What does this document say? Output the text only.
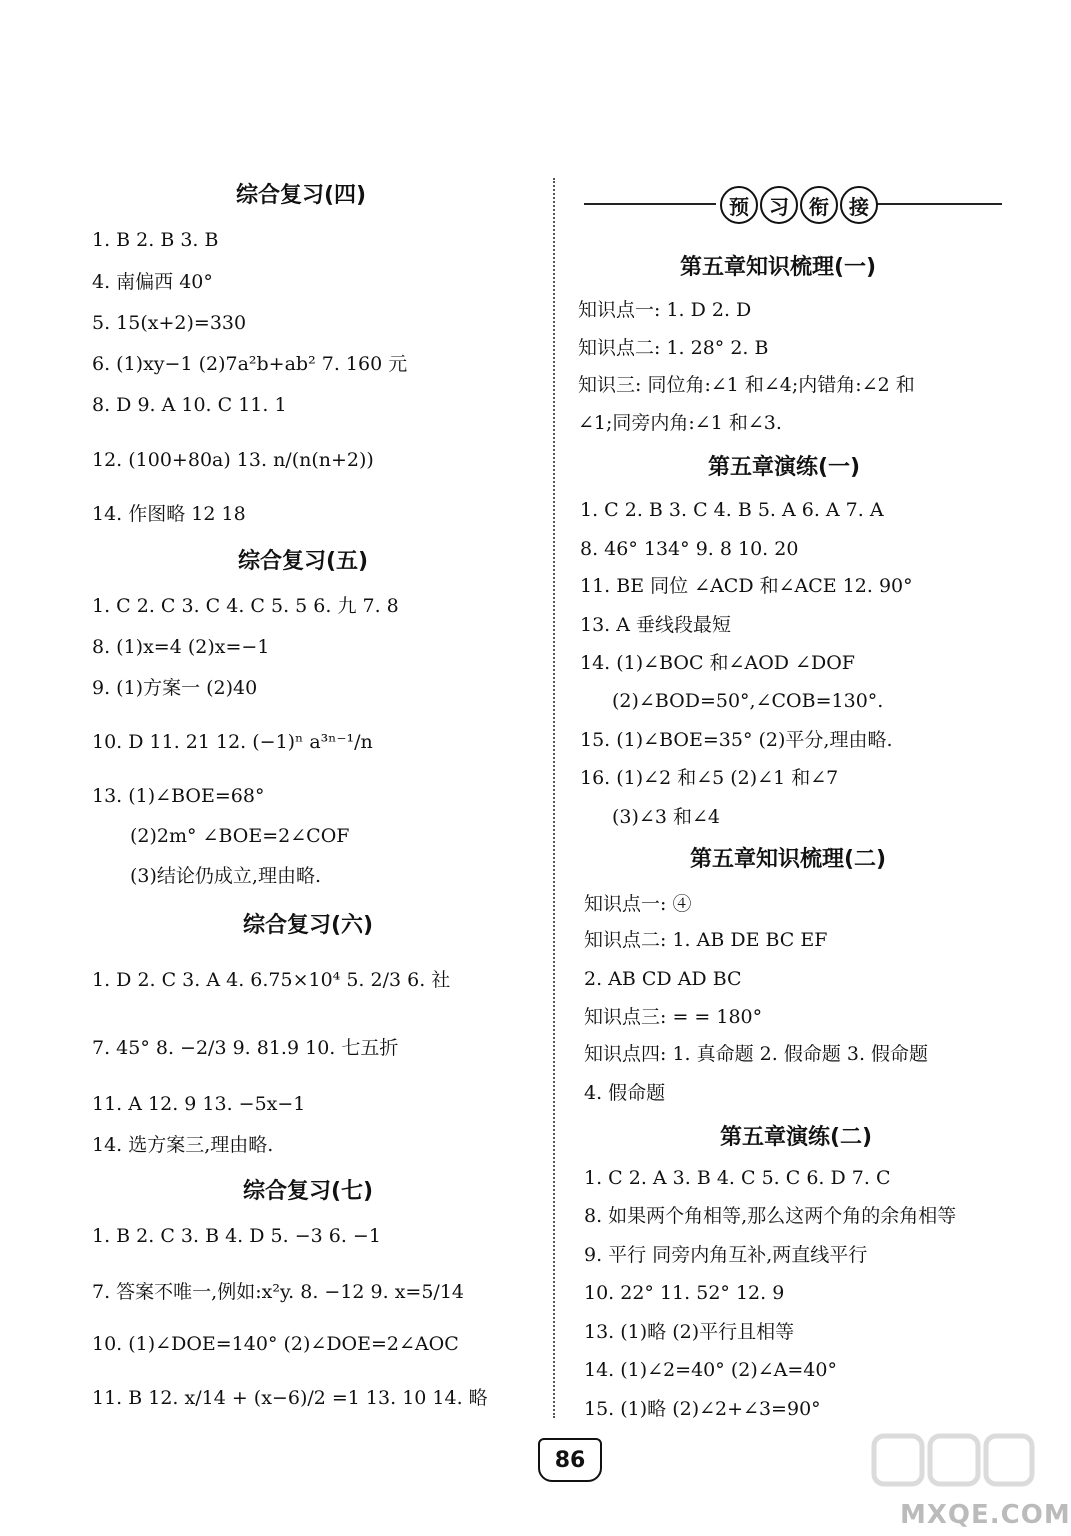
综合复习(四)
1. B 2. B 3. B
4. 南偏西 40°
5. 15(x+2)=330
6. (1)xy−1 (2)7a²b+ab² 7. 160 元
8. D 9. A 10. C 11. 1
12. (100+80a) 13. n/(n(n+2))
14. 作图略 12 18
综合复习(五)
1. C 2. C 3. C 4. C 5. 5 6. 九 7. 8
8. (1)x=4 (2)x=−1
9. (1)方案一 (2)40
10. D 11. 21 12. (−1)ⁿ a³ⁿ⁻¹/n
13. (1)∠BOE=68°
(2)2m° ∠BOE=2∠COF
(3)结论仍成立,理由略.
综合复习(六)
1. D 2. C 3. A 4. 6.75×10⁴ 5. 2/3 6. 社
7. 45° 8. −2/3 9. 81.9 10. 七五折
11. A 12. 9 13. −5x−1
14. 选方案三,理由略.
综合复习(七)
1. B 2. C 3. B 4. D 5. −3 6. −1
7. 答案不唯一,例如:x²y. 8. −12 9. x=5/14
10. (1)∠DOE=140° (2)∠DOE=2∠AOC
11. B 12. x/14 + (x−6)/2 =1 13. 10 14. 略
预	习	衔	接
第五章知识梳理(一)
知识点一: 1. D 2. D
知识点二: 1. 28° 2. B
知识三: 同位角:∠1 和∠4;内错角:∠2 和
∠1;同旁内角:∠1 和∠3.
第五章演练(一)
1. C 2. B 3. C 4. B 5. A 6. A 7. A
8. 46° 134° 9. 8 10. 20
11. BE 同位 ∠ACD 和∠ACE 12. 90°
13. A 垂线段最短
14. (1)∠BOC 和∠AOD ∠DOF
(2)∠BOD=50°,∠COB=130°.
15. (1)∠BOE=35° (2)平分,理由略.
16. (1)∠2 和∠5 (2)∠1 和∠7
(3)∠3 和∠4
第五章知识梳理(二)
知识点一: ④
知识点二: 1. AB DE BC EF
2. AB CD AD BC
知识点三: = = 180°
知识点四: 1. 真命题 2. 假命题 3. 假命题
4. 假命题
第五章演练(二)
1. C 2. A 3. B 4. C 5. C 6. D 7. C
8. 如果两个角相等,那么这两个角的余角相等
9. 平行 同旁内角互补,两直线平行
10. 22° 11. 52° 12. 9
13. (1)略 (2)平行且相等
14. (1)∠2=40° (2)∠A=40°
15. (1)略 (2)∠2+∠3=90°
86
MXQE.COM
